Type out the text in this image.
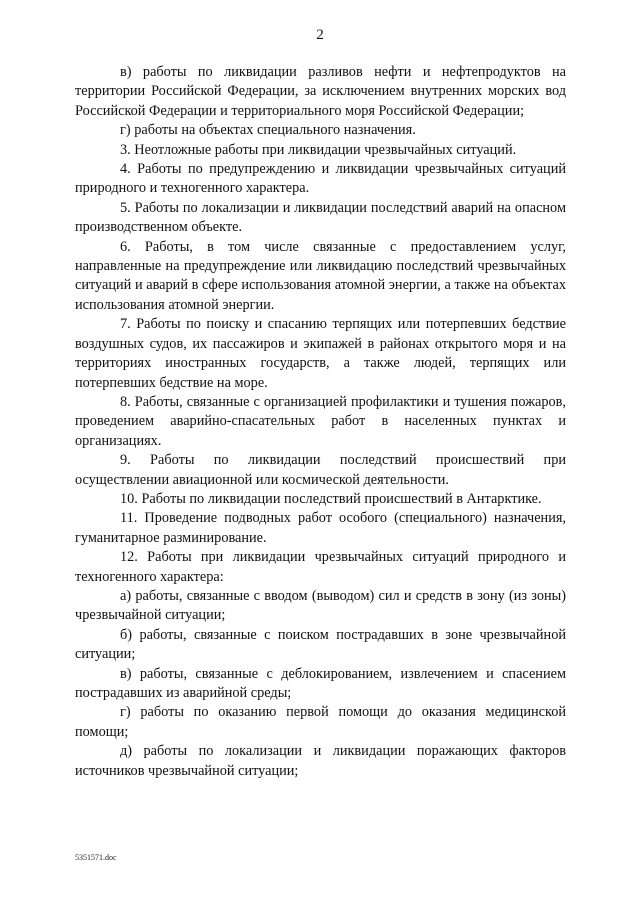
2

в) работы по ликвидации разливов нефти и нефтепродуктов на территории Российской Федерации, за исключением внутренних морских вод Российской Федерации и территориального моря Российской Федерации;

г) работы на объектах специального назначения.

3. Неотложные работы при ликвидации чрезвычайных ситуаций.

4. Работы по предупреждению и ликвидации чрезвычайных ситуаций природного и техногенного характера.

5. Работы по локализации и ликвидации последствий аварий на опасном производственном объекте.

6. Работы, в том числе связанные с предоставлением услуг, направленные на предупреждение или ликвидацию последствий чрезвычайных ситуаций и аварий в сфере использования атомной энергии, а также на объектах использования атомной энергии.

7. Работы по поиску и спасанию терпящих или потерпевших бедствие воздушных судов, их пассажиров и экипажей в районах открытого моря и на территориях иностранных государств, а также людей, терпящих или потерпевших бедствие на море.

8. Работы, связанные с организацией профилактики и тушения пожаров, проведением аварийно-спасательных работ в населенных пунктах и организациях.

9. Работы по ликвидации последствий происшествий при осуществлении авиационной или космической деятельности.

10. Работы по ликвидации последствий происшествий в Антарктике.

11. Проведение подводных работ особого (специального) назначения, гуманитарное разминирование.

12. Работы при ликвидации чрезвычайных ситуаций природного и техногенного характера:

а) работы, связанные с вводом (выводом) сил и средств в зону (из зоны) чрезвычайной ситуации;

б) работы, связанные с поиском пострадавших в зоне чрезвычайной ситуации;

в) работы, связанные с деблокированием, извлечением и спасением пострадавших из аварийной среды;

г) работы по оказанию первой помощи до оказания медицинской помощи;

д) работы по локализации и ликвидации поражающих факторов источников чрезвычайной ситуации;

5351571.doc
